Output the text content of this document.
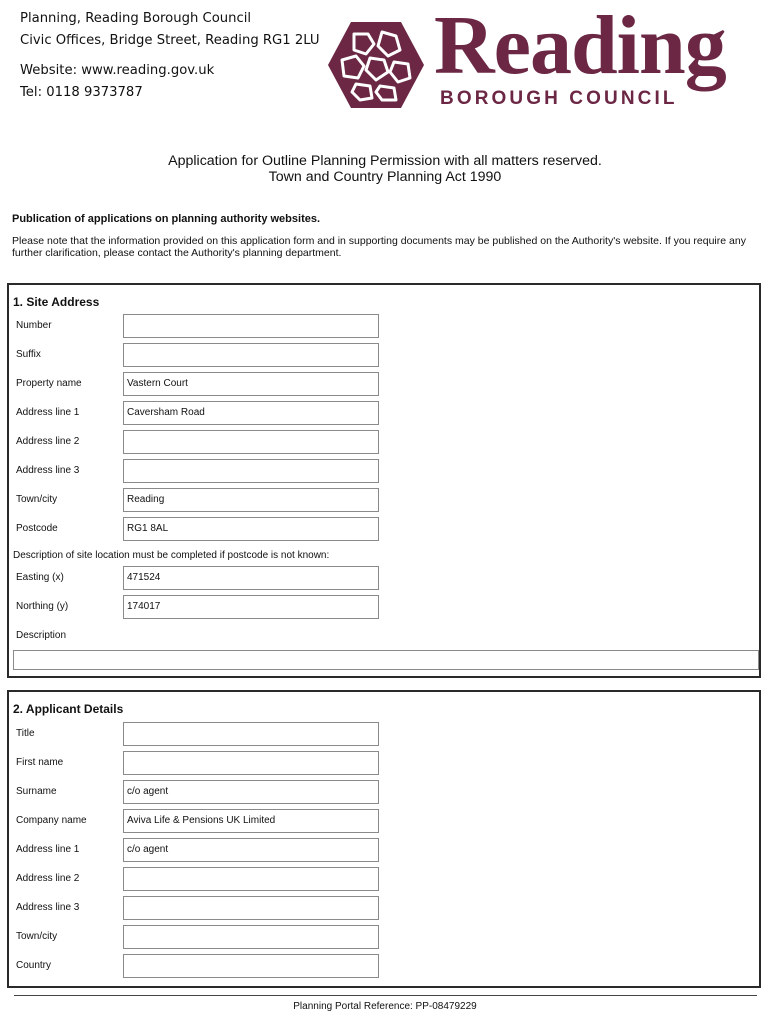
Planning, Reading Borough Council
Civic Offices, Bridge Street, Reading RG1 2LU
Website: www.reading.gov.uk
Tel: 0118 9373787
Reading
BOROUGH COUNCIL
Application for Outline Planning Permission with all matters reserved.
Town and Country Planning Act 1990
Publication of applications on planning authority websites.
Please note that the information provided on this application form and in supporting documents may be published on the Authority's website. If you require any further clarification, please contact the Authority's planning department.
1. Site Address
Number
Suffix
Property name	Vastern Court
Address line 1	Caversham Road
Address line 2
Address line 3
Town/city	Reading
Postcode	RG1 8AL
Description of site location must be completed if postcode is not known:
Easting (x)	471524
Northing (y)	174017
Description
2. Applicant Details
Title
First name
Surname	c/o agent
Company name	Aviva Life & Pensions UK Limited
Address line 1	c/o agent
Address line 2
Address line 3
Town/city
Country
Planning Portal Reference: PP-08479229
